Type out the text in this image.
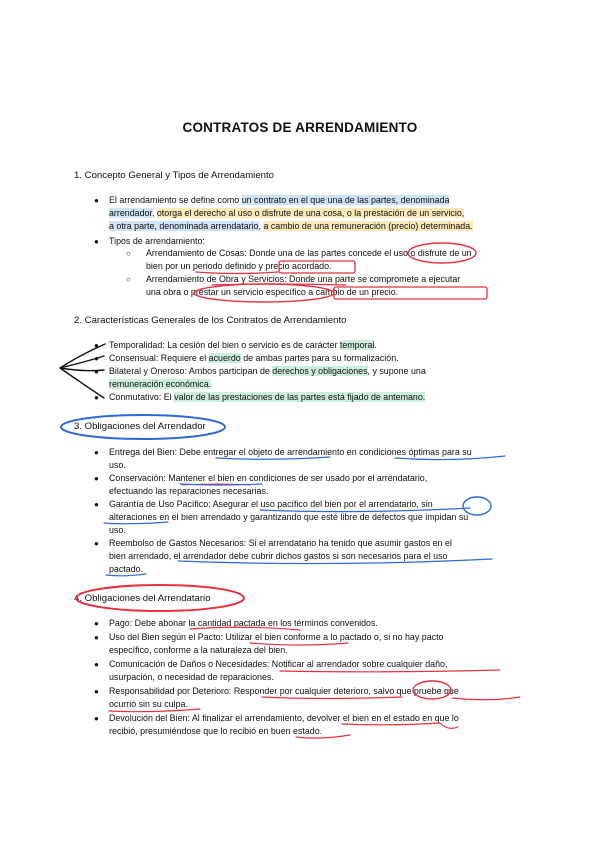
CONTRATOS DE ARRENDAMIENTO
1. Concepto General y Tipos de Arrendamiento
● El arrendamiento se define como un contrato en el que una de las partes, denominada
arrendador, otorga el derecho al uso o disfrute de una cosa, o la prestación de un servicio,
a otra parte, denominada arrendatario, a cambio de una remuneración (precio) determinada.
● Tipos de arrendamiento:
○ Arrendamiento de Cosas: Donde una de las partes concede el uso o disfrute de un
bien por un periodo definido y precio acordado.
○ Arrendamiento de Obra y Servicios: Donde una parte se compromete a ejecutar
una obra o prestar un servicio específico a cambio de un precio.
2. Características Generales de los Contratos de Arrendamiento
● Temporalidad: La cesión del bien o servicio es de carácter temporal.
● Consensual: Requiere el acuerdo de ambas partes para su formalización.
● Bilateral y Oneroso: Ambos participan de derechos y obligaciones, y supone una
remuneración económica.
● Conmutativo: El valor de las prestaciones de las partes está fijado de antemano.
3. Obligaciones del Arrendador
● Entrega del Bien: Debe entregar el objeto de arrendamiento en condiciones óptimas para su
uso.
● Conservación: Mantener el bien en condiciones de ser usado por el arrendatario,
efectuando las reparaciones necesarias.
● Garantía de Uso Pacífico: Asegurar el uso pacífico del bien por el arrendatario, sin
alteraciones en el bien arrendado y garantizando que esté libre de defectos que impidan su
uso.
● Reembolso de Gastos Necesarios: Si el arrendatario ha tenido que asumir gastos en el
bien arrendado, el arrendador debe cubrir dichos gastos si son necesarios para el uso
pactado.
4. Obligaciones del Arrendatario
● Pago: Debe abonar la cantidad pactada en los términos convenidos.
● Uso del Bien según el Pacto: Utilizar el bien conforme a lo pactado o, si no hay pacto
específico, conforme a la naturaleza del bien.
● Comunicación de Daños o Necesidades: Notificar al arrendador sobre cualquier daño,
usurpación, o necesidad de reparaciones.
● Responsabilidad por Deterioro: Responder por cualquier deterioro, salvo que pruebe que
ocurrió sin su culpa.
● Devolución del Bien: Al finalizar el arrendamiento, devolver el bien en el estado en que lo
recibió, presumiéndose que lo recibió en buen estado.
